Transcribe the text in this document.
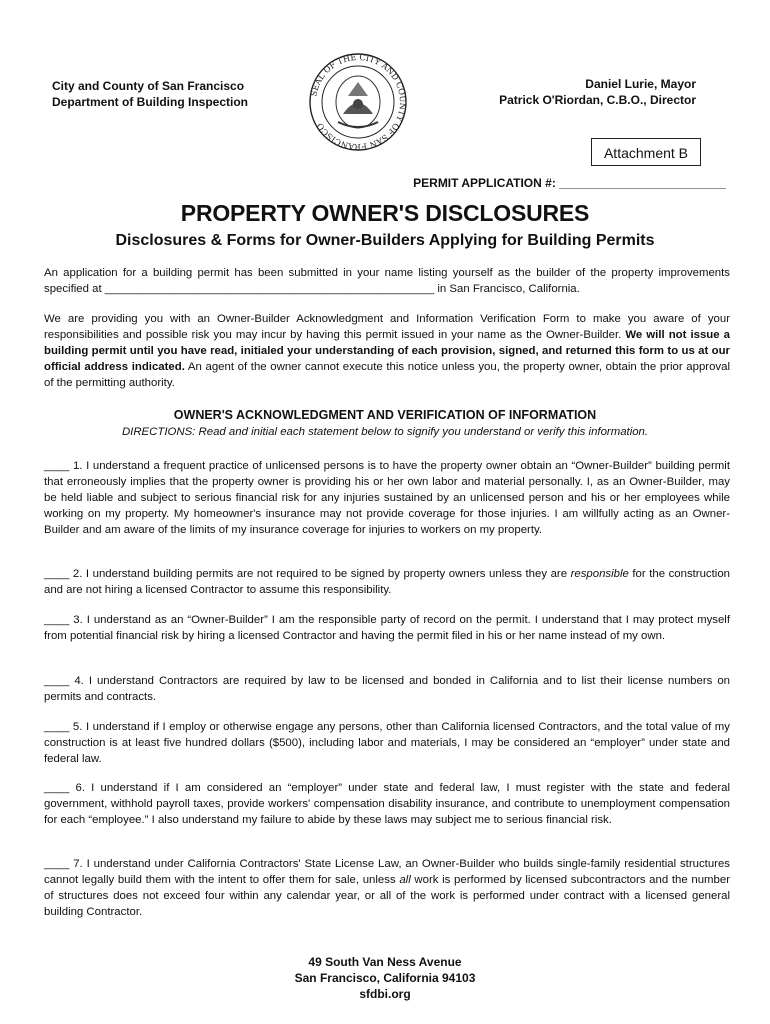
City and County of San Francisco
Department of Building Inspection
SEAL OF THE CITY AND COUNTY OF SAN FRANCISCO
Daniel Lurie, Mayor
Patrick O'Riordan, C.B.O., Director
Attachment B
PERMIT APPLICATION #: _________________________
PROPERTY OWNER'S DISCLOSURES
Disclosures & Forms for Owner-Builders Applying for Building Permits
An application for a building permit has been submitted in your name listing yourself as the builder of the property improvements specified at ____________________________________________________ in San Francisco, California.
We are providing you with an Owner-Builder Acknowledgment and Information Verification Form to make you aware of your responsibilities and possible risk you may incur by having this permit issued in your name as the Owner-Builder. We will not issue a building permit until you have read, initialed your understanding of each provision, signed, and returned this form to us at our official address indicated. An agent of the owner cannot execute this notice unless you, the property owner, obtain the prior approval of the permitting authority.
OWNER'S ACKNOWLEDGMENT AND VERIFICATION OF INFORMATION
DIRECTIONS: Read and initial each statement below to signify you understand or verify this information.
____ 1. I understand a frequent practice of unlicensed persons is to have the property owner obtain an “Owner-Builder” building permit that erroneously implies that the property owner is providing his or her own labor and material personally. I, as an Owner-Builder, may be held liable and subject to serious financial risk for any injuries sustained by an unlicensed person and his or her employees while working on my property. My homeowner's insurance may not provide coverage for those injuries. I am willfully acting as an Owner-Builder and am aware of the limits of my insurance coverage for injuries to workers on my property.
____ 2. I understand building permits are not required to be signed by property owners unless they are responsible for the construction and are not hiring a licensed Contractor to assume this responsibility.
____ 3. I understand as an “Owner-Builder” I am the responsible party of record on the permit. I understand that I may protect myself from potential financial risk by hiring a licensed Contractor and having the permit filed in his or her name instead of my own.
____ 4. I understand Contractors are required by law to be licensed and bonded in California and to list their license numbers on permits and contracts.
____ 5. I understand if I employ or otherwise engage any persons, other than California licensed Contractors, and the total value of my construction is at least five hundred dollars ($500), including labor and materials, I may be considered an “employer” under state and federal law.
____ 6. I understand if I am considered an “employer” under state and federal law, I must register with the state and federal government, withhold payroll taxes, provide workers' compensation disability insurance, and contribute to unemployment compensation for each “employee.” I also understand my failure to abide by these laws may subject me to serious financial risk.
____ 7. I understand under California Contractors' State License Law, an Owner-Builder who builds single-family residential structures cannot legally build them with the intent to offer them for sale, unless all work is performed by licensed subcontractors and the number of structures does not exceed four within any calendar year, or all of the work is performed under contract with a licensed general building Contractor.
49 South Van Ness Avenue
San Francisco, California 94103
sfdbi.org
